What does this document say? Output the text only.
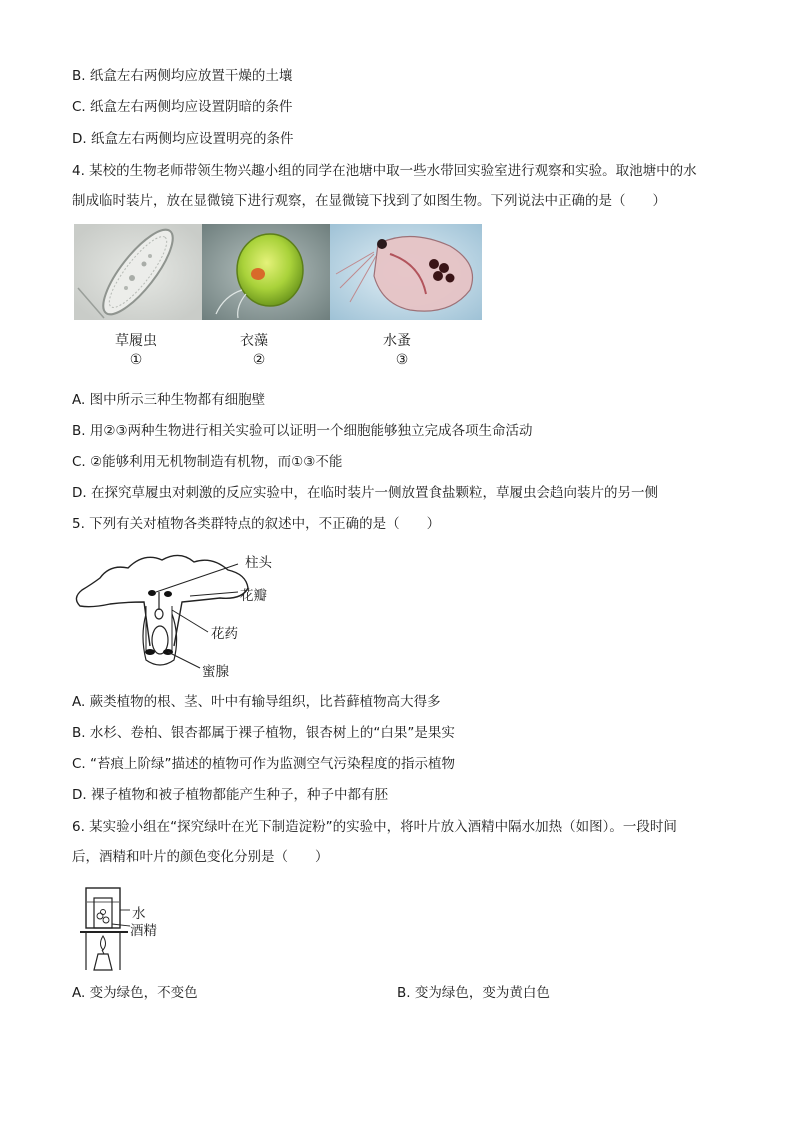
B. 纸盒左右两侧均应放置干燥的土壤
C. 纸盒左右两侧均应设置阴暗的条件
D. 纸盒左右两侧均应设置明亮的条件
4. 某校的生物老师带领生物兴趣小组的同学在池塘中取一些水带回实验室进行观察和实验。取池塘中的水
制成临时装片，放在显微镜下进行观察，在显微镜下找到了如图生物。下列说法中正确的是（　　）
草履虫	衣藻	水蚤
①	②	③
A. 图中所示三种生物都有细胞壁
B. 用②③两种生物进行相关实验可以证明一个细胞能够独立完成各项生命活动
C. ②能够利用无机物制造有机物，而①③不能
D. 在探究草履虫对刺激的反应实验中，在临时装片一侧放置食盐颗粒，草履虫会趋向装片的另一侧
5. 下列有关对植物各类群特点的叙述中，不正确的是（　　）
柱头
花瓣
花药
蜜腺
A. 蕨类植物的根、茎、叶中有输导组织，比苔藓植物高大得多
B. 水杉、卷柏、银杏都属于裸子植物，银杏树上的“白果”是果实
C. “苔痕上阶绿”描述的植物可作为监测空气污染程度的指示植物
D. 裸子植物和被子植物都能产生种子，种子中都有胚
6. 某实验小组在“探究绿叶在光下制造淀粉”的实验中，将叶片放入酒精中隔水加热（如图）。一段时间
后，酒精和叶片的颜色变化分别是（　　）
水
酒精
A. 变为绿色，不变色	B. 变为绿色，变为黄白色
